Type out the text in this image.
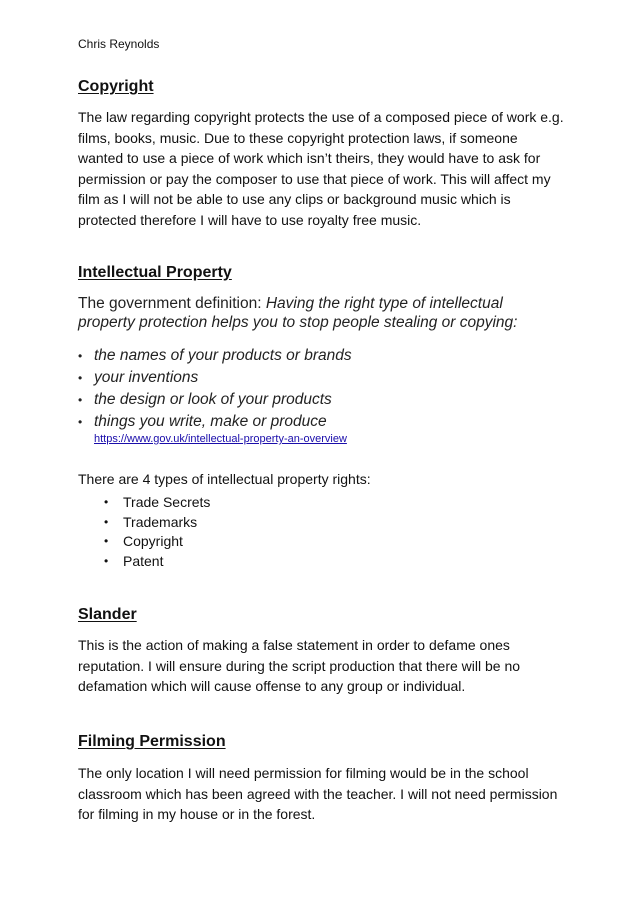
Chris Reynolds
Copyright
The law regarding copyright protects the use of a composed piece of work e.g.
films, books, music. Due to these copyright protection laws, if someone
wanted to use a piece of work which isn’t theirs, they would have to ask for
permission or pay the composer to use that piece of work. This will affect my
film as I will not be able to use any clips or background music which is
protected therefore I will have to use royalty free music.
Intellectual Property
The government definition: Having the right type of intellectual
property protection helps you to stop people stealing or copying:
• the names of your products or brands
• your inventions
• the design or look of your products
• things you write, make or produce
https://www.gov.uk/intellectual-property-an-overview
There are 4 types of intellectual property rights:
• Trade Secrets
• Trademarks
• Copyright
• Patent
Slander
This is the action of making a false statement in order to defame ones
reputation. I will ensure during the script production that there will be no
defamation which will cause offense to any group or individual.
Filming Permission
The only location I will need permission for filming would be in the school
classroom which has been agreed with the teacher. I will not need permission
for filming in my house or in the forest.
